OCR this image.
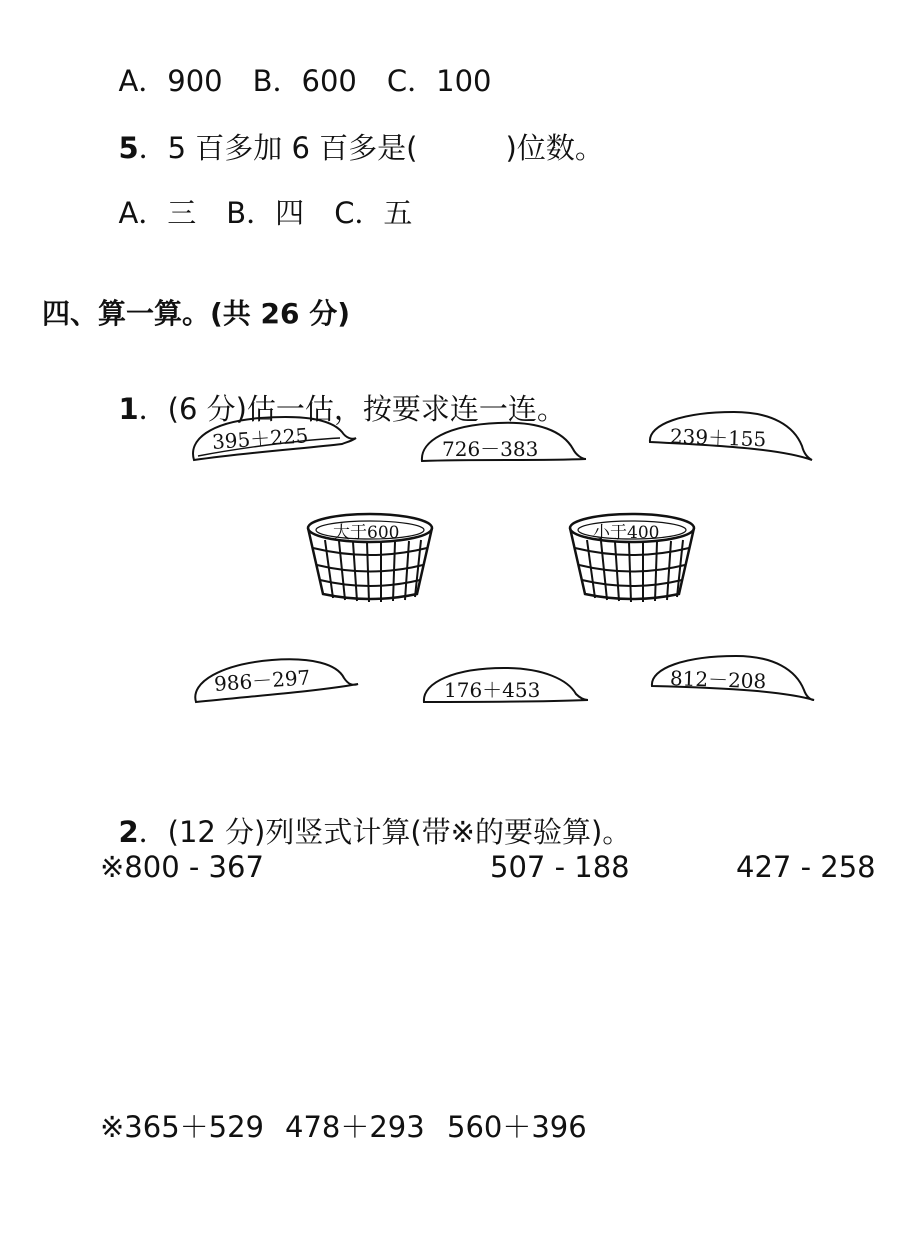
A．900 B．600 C．100

5．5 百多加 6 百多是(	)位数。

A．三 B．四 C．五

四、算一算。(共 26 分)

1．(6 分)估一估，按要求连一连。

395＋225	726－383	239＋155
大于600	小于400
986－297	176＋453	812－208

2．(12 分)列竖式计算(带※的要验算)。

※800 - 367	507 - 188	427 - 258
※365＋529 478＋293 560＋396
